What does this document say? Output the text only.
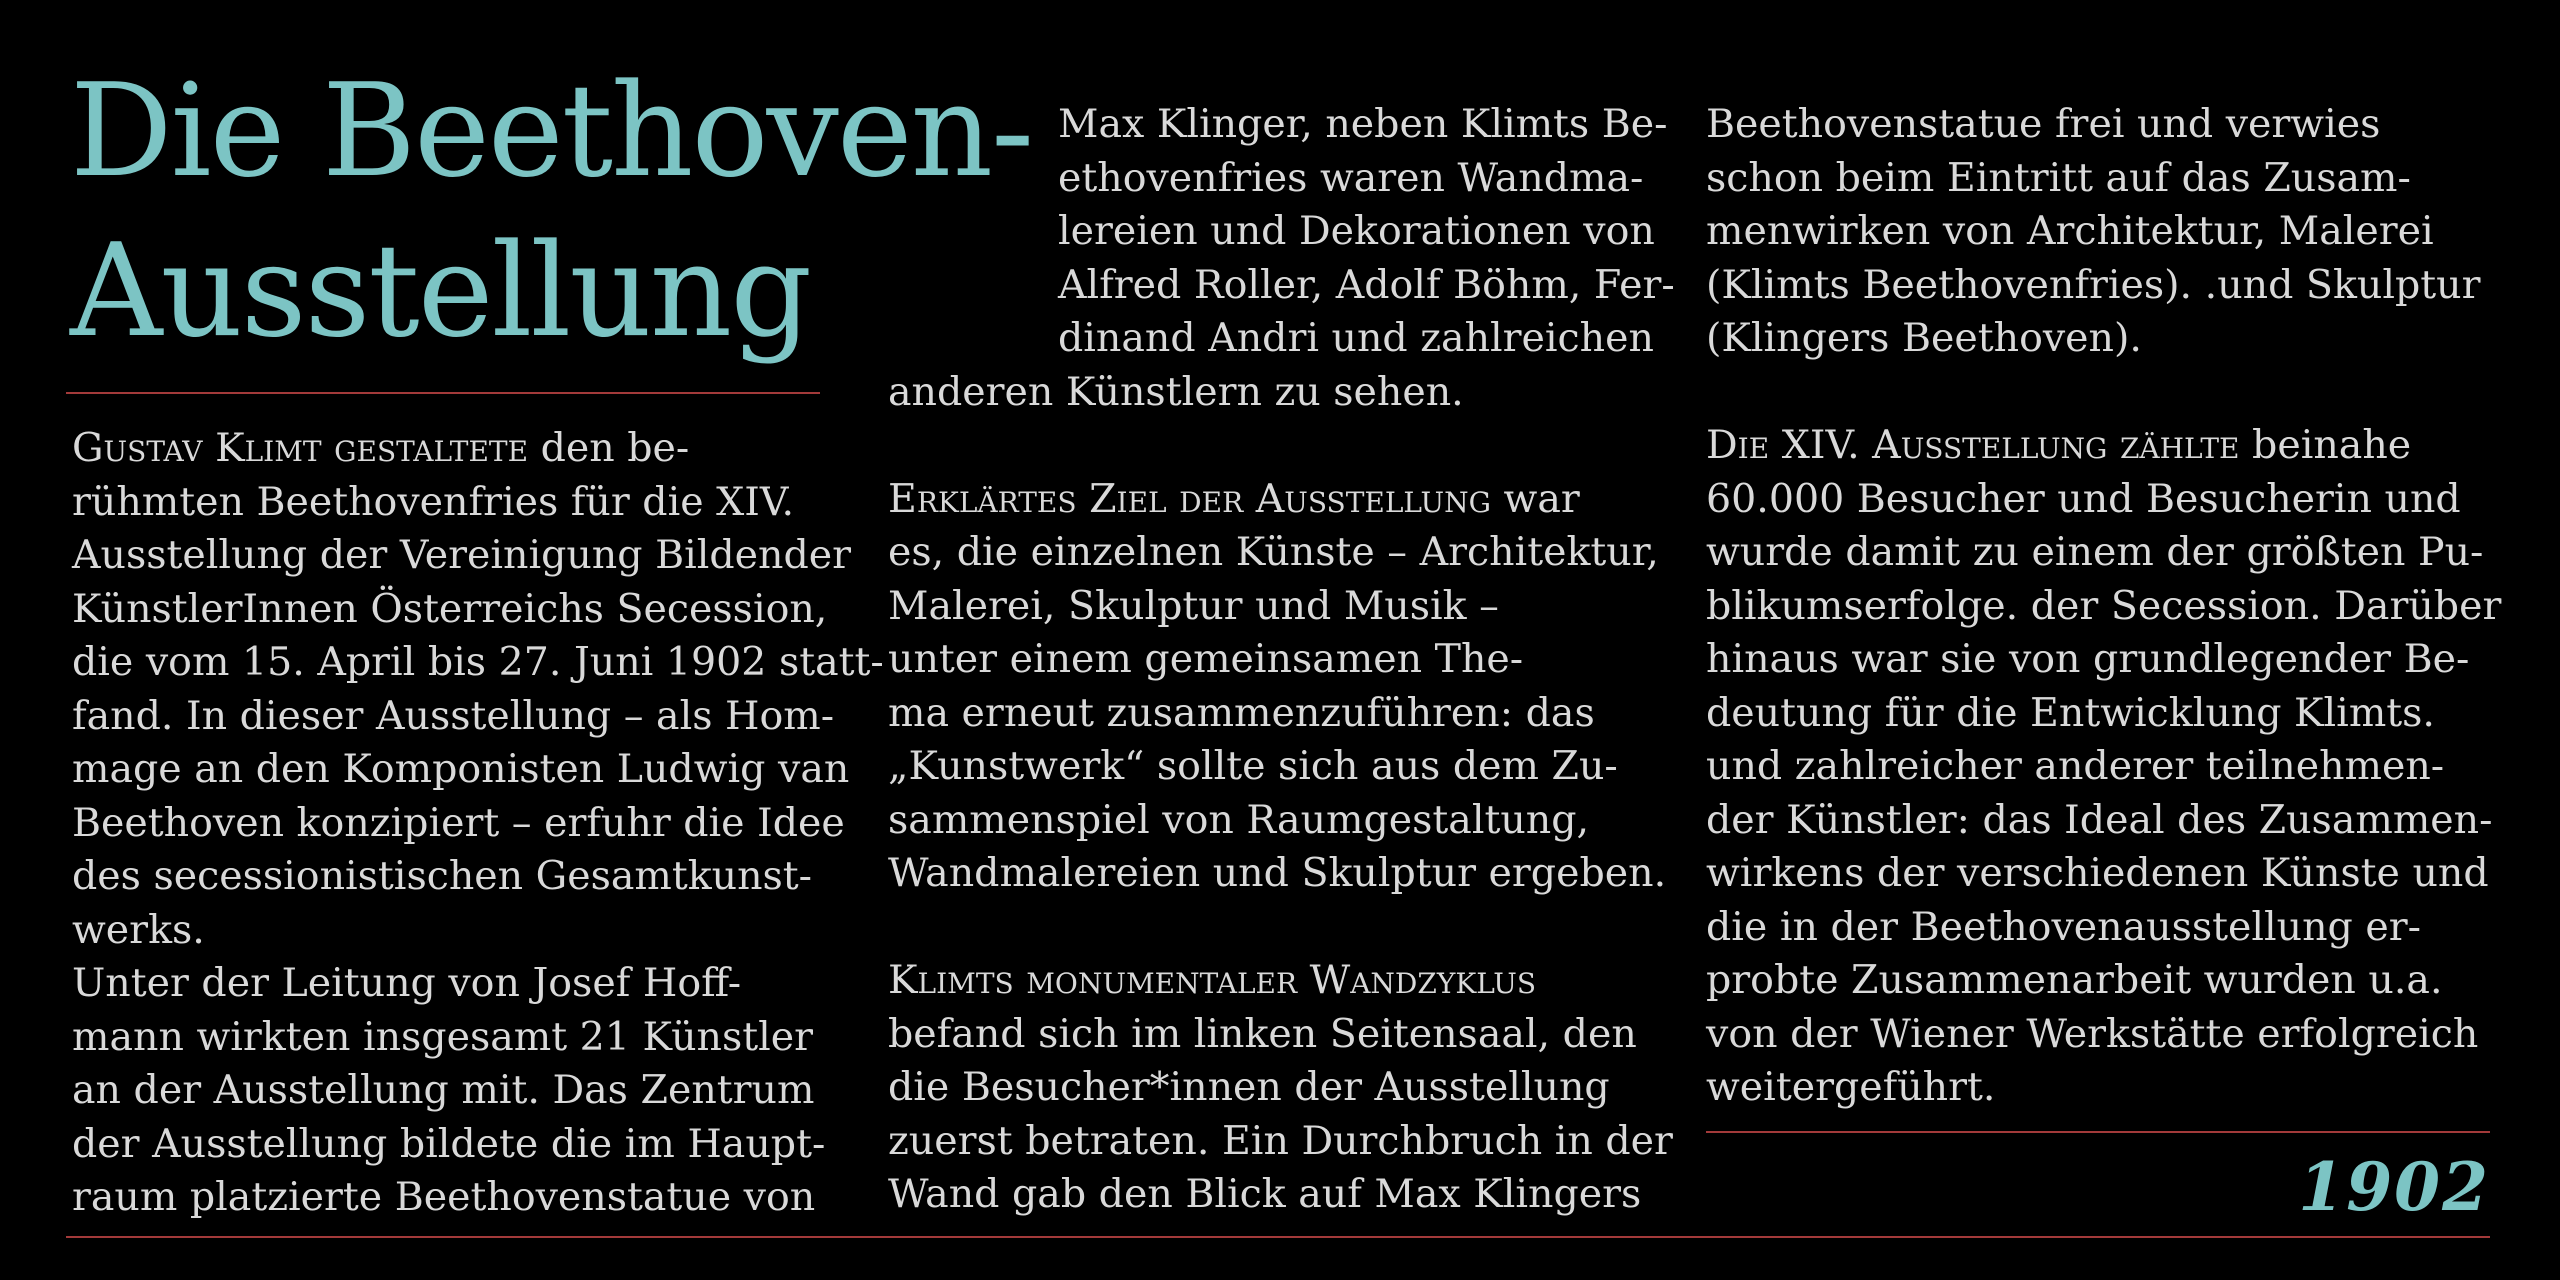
Die Beethoven-
Ausstellung
Gustav Klimt gestaltete den be-
rühmten Beethovenfries für die XIV.
Ausstellung der Vereinigung Bildender
KünstlerInnen Österreichs Secession,
die vom 15. April bis 27. Juni 1902 statt-
fand. In dieser Ausstellung – als Hom-
mage an den Komponisten Ludwig van
Beethoven konzipiert – erfuhr die Idee
des secessionistischen Gesamtkunst-
werks.
Unter der Leitung von Josef Hoff-
mann wirkten insgesamt 21 Künstler
an der Ausstellung mit. Das Zentrum
der Ausstellung bildete die im Haupt-
raum platzierte Beethovenstatue von
Max Klinger, neben Klimts Be-
ethovenfries waren Wandma-
lereien und Dekorationen von
Alfred Roller, Adolf Böhm, Fer-
dinand Andri und zahlreichen
anderen Künstlern zu sehen.
Erklärtes Ziel der Ausstellung war
es, die einzelnen Künste – Architektur,
Malerei, Skulptur und Musik –
unter einem gemeinsamen The-
ma erneut zusammenzuführen: das
„Kunstwerk“ sollte sich aus dem Zu-
sammenspiel von Raumgestaltung,
Wandmalereien und Skulptur ergeben.
Klimts monumentaler Wandzyklus
befand sich im linken Seitensaal, den
die Besucher*innen der Ausstellung
zuerst betraten. Ein Durchbruch in der
Wand gab den Blick auf Max Klingers
Beethovenstatue frei und verwies
schon beim Eintritt auf das Zusam-
menwirken von Architektur, Malerei
(Klimts Beethovenfries). .und Skulptur
(Klingers Beethoven).
Die XIV. Ausstellung zählte beinahe
60.000 Besucher und Besucherin und
wurde damit zu einem der größten Pu-
blikumserfolge. der Secession. Darüber
hinaus war sie von grundlegender Be-
deutung für die Entwicklung Klimts.
und zahlreicher anderer teilnehmen-
der Künstler: das Ideal des Zusammen-
wirkens der verschiedenen Künste und
die in der Beethovenausstellung er-
probte Zusammenarbeit wurden u.a.
von der Wiener Werkstätte erfolgreich
weitergeführt.
1902
